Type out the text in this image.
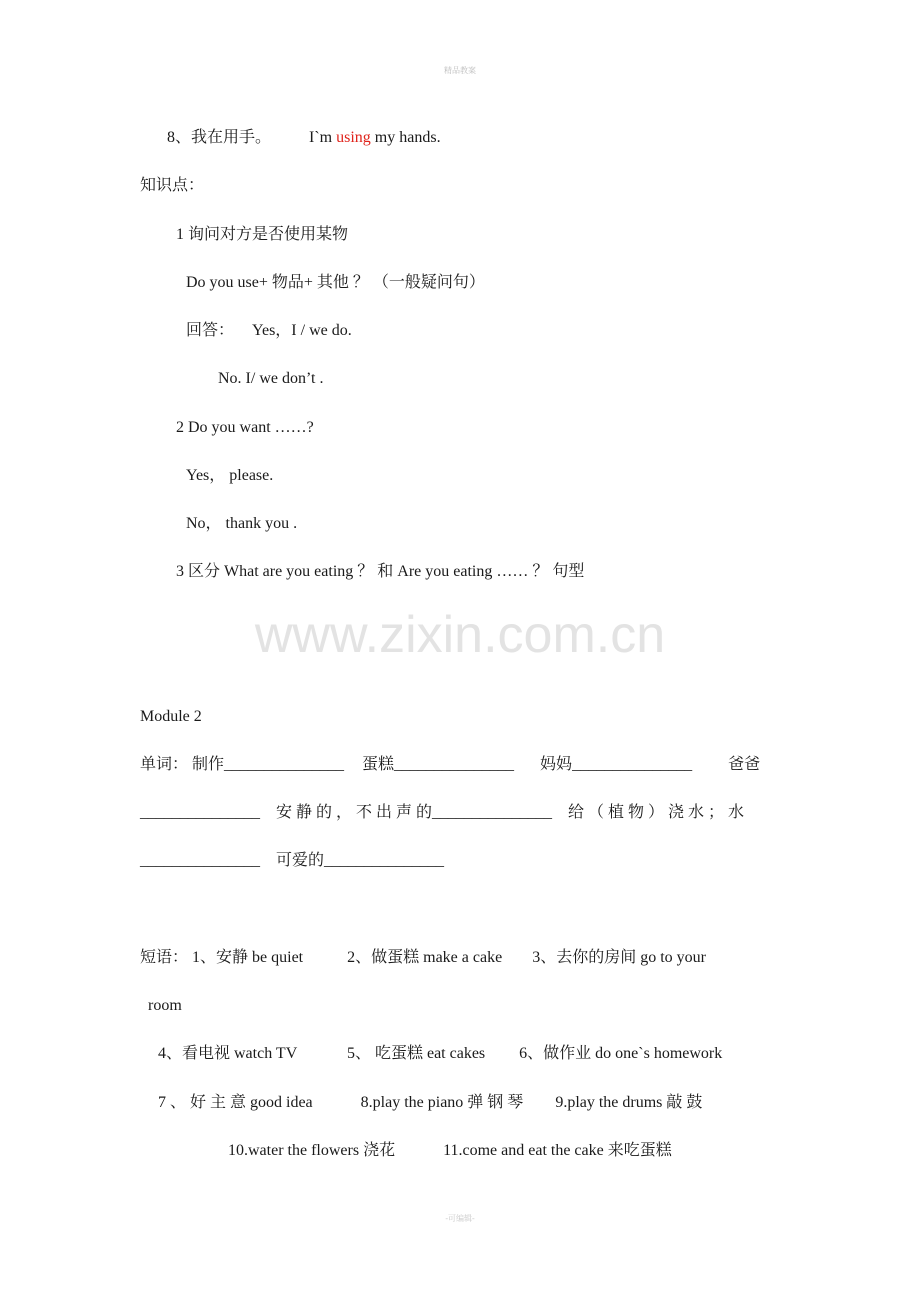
精品教案
8、我在用手。 I`m using my hands.
知识点：
1 询问对方是否使用某物
Do you use+ 物品+ 其他 ？ （一般疑问句）
回答： Yes，I / we do.
No. I/ we don’t .
2 Do you want ……?
Yes， please.
No， thank you .
3 区分 What are you eating ？ 和 Are you eating …… ？ 句型
www.zixin.com.cn
Module 2
单词： 制作_______________ 蛋糕_______________ 妈妈_______________ 爸爸
_______________ 安 静 的 ， 不 出 声 的_______________ 给 （ 植 物 ） 浇 水 ； 水
_______________ 可爱的_______________
短语： 1、安静 be quiet	2、做蛋糕 make a cake 3、去你的房间 go to your
room
4、看电视 watch TV	5、 吃蛋糕 eat cakes 6、做作业 do one`s homework
7 、 好 主 意 good idea	8.play the piano 弹 钢 琴 9.play the drums 敲 鼓
10.water the flowers 浇花	11.come and eat the cake 来吃蛋糕
-可编辑-
